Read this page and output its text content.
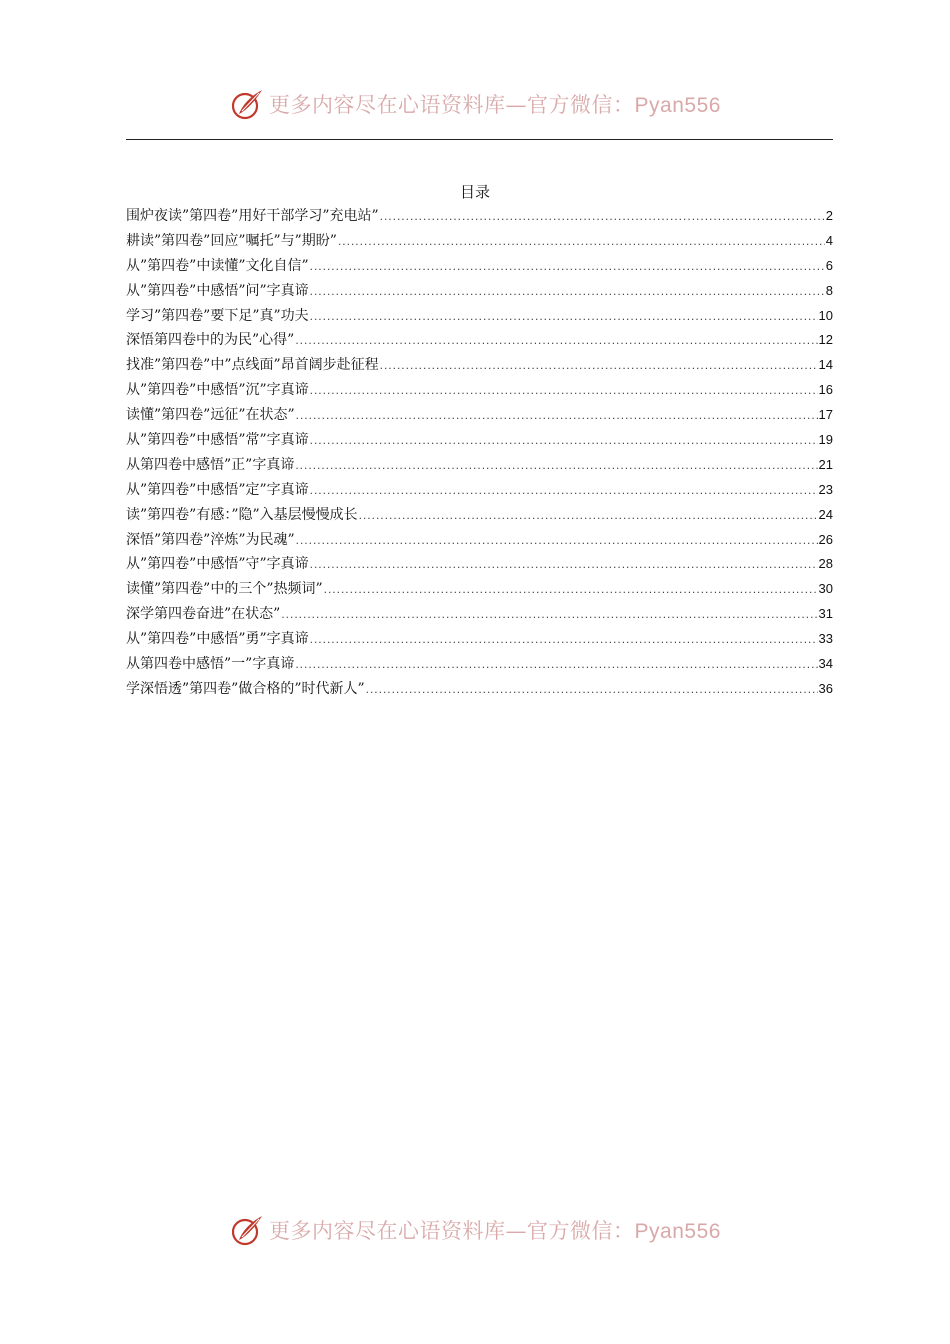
更多内容尽在心语资料库—官方微信：Pyan556
目录
围炉夜读”第四卷”用好干部学习”充电站” .....	2
耕读”第四卷”回应”嘱托”与”期盼” .....	4
从”第四卷”中读懂”文化自信” .....	6
从”第四卷”中感悟”问”字真谛 .....	8
学习”第四卷”要下足”真”功夫 .....	10
深悟第四卷中的为民”心得” .....	12
找准”第四卷”中”点线面”昂首阔步赴征程 .....	14
从”第四卷”中感悟”沉”字真谛 .....	16
读懂”第四卷”远征”在状态” .....	17
从”第四卷”中感悟”常”字真谛 .....	19
从第四卷中感悟”正”字真谛 .....	21
从”第四卷”中感悟”定”字真谛 .....	23
读”第四卷”有感：”隐”入基层慢慢成长 .....	24
深悟”第四卷”淬炼”为民魂” .....	26
从”第四卷”中感悟”守”字真谛 .....	28
读懂”第四卷”中的三个”热频词” .....	30
深学第四卷奋进”在状态” .....	31
从”第四卷”中感悟”勇”字真谛 .....	33
从第四卷中感悟”一”字真谛 .....	34
学深悟透”第四卷”做合格的”时代新人” .....	36
更多内容尽在心语资料库—官方微信：Pyan556
